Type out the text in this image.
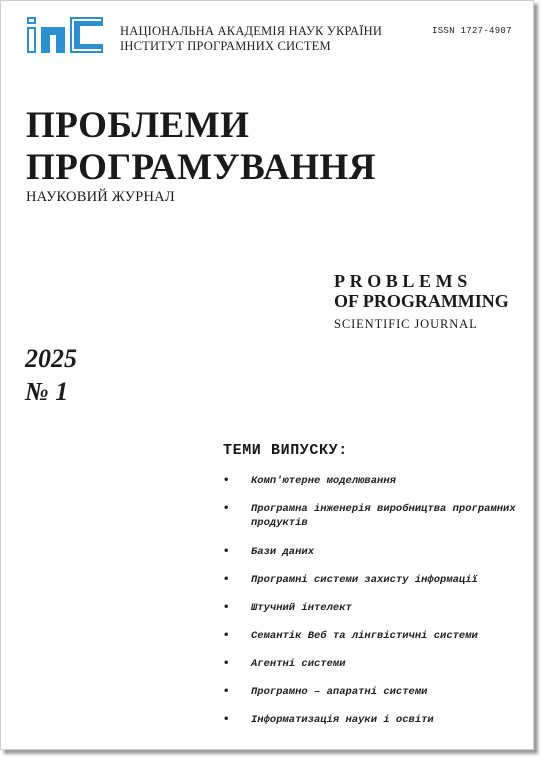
НАЦІОНАЛЬНА АКАДЕМІЯ НАУК УКРАЇНИ
ІНСТИТУТ ПРОГРАМНИХ СИСТЕМ
ISSN 1727-4907
ПРОБЛЕМИ
ПРОГРАМУВАННЯ
НАУКОВИЙ ЖУРНАЛ
PROBLEMS
OF PROGRAMMING
SCIENTIFIC JOURNAL
2025
№ 1
ТЕМИ ВИПУСКУ:
•	Комп'ютерне моделювання
•	Програмна інженерія виробництва програмних продуктів
•	Бази даних
•	Програмні системи захисту інформації
•	Штучний інтелект
•	Семантік Веб та лінгвістичні системи
•	Агентні системи
•	Програмно – апаратні системи
•	Інформатизація науки і освіти
